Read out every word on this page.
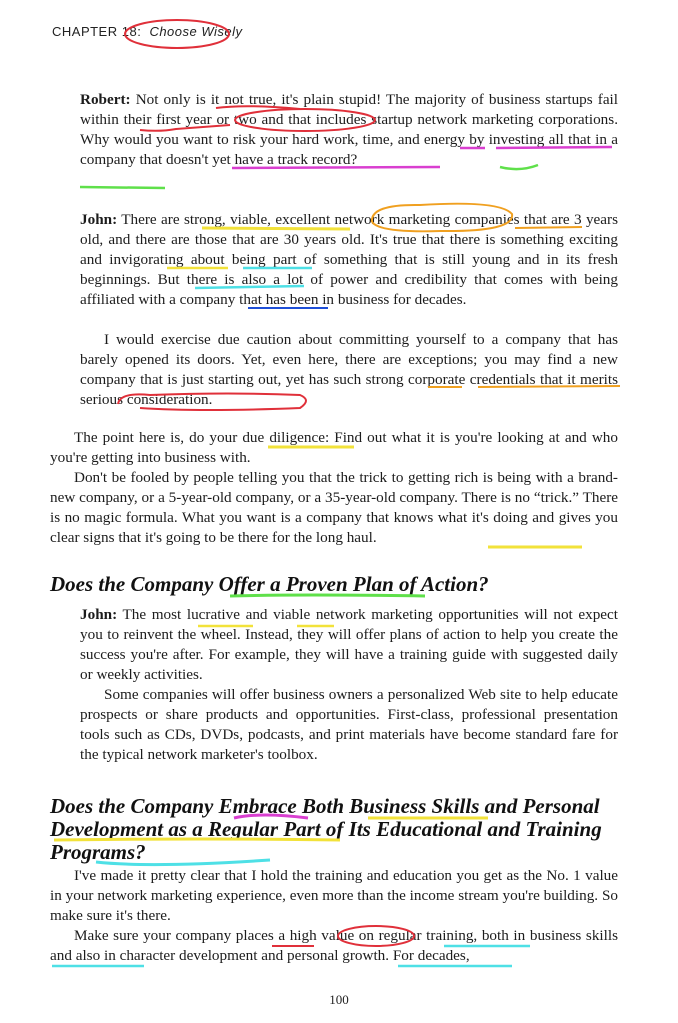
CHAPTER 18: Choose Wisely

Robert: Not only is it not true, it's plain stupid! The majority of business startups fail within their first year or two and that includes startup network marketing corporations. Why would you want to risk your hard work, time, and energy by investing all that in a company that doesn't yet have a track record?

John: There are strong, viable, excellent network marketing companies that are 3 years old, and there are those that are 30 years old. It's true that there is something exciting and invigorating about being part of something that is still young and in its fresh beginnings. But there is also a lot of power and credibility that comes with being affiliated with a company that has been in business for decades.

I would exercise due caution about committing yourself to a company that has barely opened its doors. Yet, even here, there are exceptions; you may find a new company that is just starting out, yet has such strong corporate credentials that it merits serious consideration.

The point here is, do your due diligence: Find out what it is you're looking at and who you're getting into business with.

Don't be fooled by people telling you that the trick to getting rich is being with a brand-new company, or a 5-year-old company, or a 35-year-old company. There is no “trick.” There is no magic formula. What you want is a company that knows what it's doing and gives you clear signs that it's going to be there for the long haul.

Does the Company Offer a Proven Plan of Action?

John: The most lucrative and viable network marketing opportunities will not expect you to reinvent the wheel. Instead, they will offer plans of action to help you create the success you're after. For example, they will have a training guide with suggested daily or weekly activities.

Some companies will offer business owners a personalized Web site to help educate prospects or share products and opportunities. First-class, professional presentation tools such as CDs, DVDs, podcasts, and print materials have become standard fare for the typical network marketer's toolbox.

Does the Company Embrace Both Business Skills and Personal Development as a Regular Part of Its Educational and Training Programs?

I've made it pretty clear that I hold the training and education you get as the No. 1 value in your network marketing experience, even more than the income stream you're building. So make sure it's there.

Make sure your company places a high value on regular training, both in business skills and also in character development and personal growth. For decades,

100
